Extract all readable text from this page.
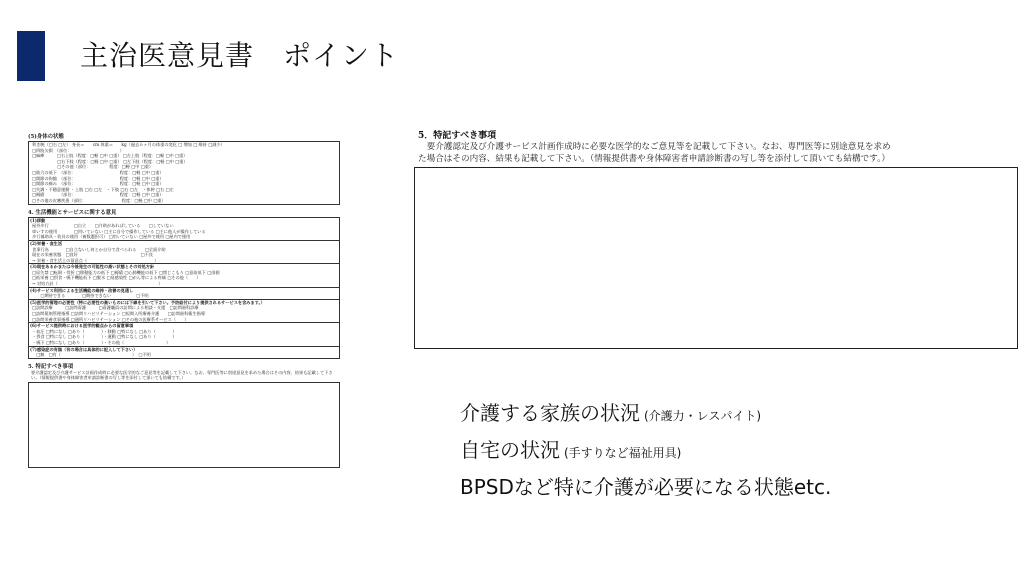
主治医意見書　ポイント
(5)身体の状態
利き腕（□右 □左） 身長＝　　cm 体重＝　　kg（過去６ヶ月の体重の変化 □ 増加 □ 維持 □減少）
□四肢欠損　（部位：　　　　　　　　　　　　）
□麻痺　　　□右上肢（程度：□軽 □中 □重） □左上肢（程度：□軽 □中 □重）
　　　　　　□右下肢（程度：□軽 □中 □重） □左下肢（程度：□軽 □中 □重）
　　　　　　□その他（部位：　　　　　程度：□軽 □中 □重）
□筋力の低下　（部位：　　　　　　　　　　　程度：□軽 □中 □重）
□関節の拘縮　（部位：　　　　　　　　　　　程度：□軽 □中 □重）
□関節の痛み　（部位：　　　　　　　　　　　程度：□軽 □中 □重）
□失調・不随意運動 ・上肢 □右 □左　・下肢 □右 □左　・体幹 □右 □左
□褥瘡　　　　（部位：　　　　　　　　　　　程度：□軽 □中 □重）
□その他の皮膚疾患（部位：　　　　　　　　　程度：□軽 □中 □重）
4. 生活機能とサービスに関する意見
(1)移動
屋外歩行　　　　　　□自立　　□介助があればしている　　□していない
車いすの使用　　　　□用いていない □主に自分で操作している □主に他人が操作している
歩行補助具・装具の使用（複数選択可） □用いていない □屋外で使用 □屋内で使用
(2)栄養・食生活
食事行為　　　　□自立ないし何とか自分で食べられる　　□全面介助
現在の栄養状態　□良好　　　　　　　　　　　　　　　□不良
→ 栄養・食生活上の留意点（　　　　　　　　　　　　　　　　）
(3)現在あるかまたは今後発生の可能性の高い状態とその対処方針
□尿失禁 □転倒・骨折 □移動能力の低下 □褥瘡 □心肺機能の低下 □閉じこもり □意欲低下 □徘徊
□低栄養 □摂食・嚥下機能低下 □脱水 □易感染性 □がん等による疼痛 □その他（　　）
→ 対処方針（　　　　　　　　　　　　　　　　　　　　　　　　）
(4)サービス利用による生活機能の維持・改善の見通し
　　□期待できる　　　　□期待できない　　　　　　□不明
(5)医学的管理の必要性（特に必要性の高いものには下線を引いて下さい。予防給付により提供されるサービスを含みます。）
□訪問診療　　　□訪問看護　　　□看護職員の訪問による相談・支援　□訪問歯科診療
□訪問薬剤管理指導 □訪問リハビリテーション □短期入所療養介護　　□訪問歯科衛生指導
□訪問栄養食事指導 □通所リハビリテーション □その他の医療系サービス（　　）
(6)サービス提供時における医学的観点からの留意事項
・血圧 □特になし □あり（　　　　）・移動 □特になし □あり（　　　　）
・摂食 □特になし □あり（　　　　）・運動 □特になし □あり（　　　　）
・嚥下 □特になし □あり（　　　　）・その他（　　　　　　　　　　）
(7)感染症の有無（有の場合は具体的に記入して下さい）
　□無　□有（　　　　　　　　　　　　　　　　　）　□不明
5. 特記すべき事項
要介護認定及び介護サービス計画作成時に必要な医学的なご意見等を記載して下さい。なお、専門医等に別途意見を求めた場合はその内容、結果も記載して下さい。（情報提供書や身体障害者申請診断書の写し等を添付して頂いても結構です。）
5．特記すべき事項
　要介護認定及び介護サービス計画作成時に必要な医学的なご意見等を記載して下さい。なお、専門医等に別途意見を求め
た場合はその内容、結果も記載して下さい。（情報提供書や身体障害者申請診断書の写し等を添付して頂いても結構です。）
介護する家族の状況 (介護力・レスパイト)
自宅の状況 (手すりなど福祉用具)
BPSDなど特に介護が必要になる状態etc.
